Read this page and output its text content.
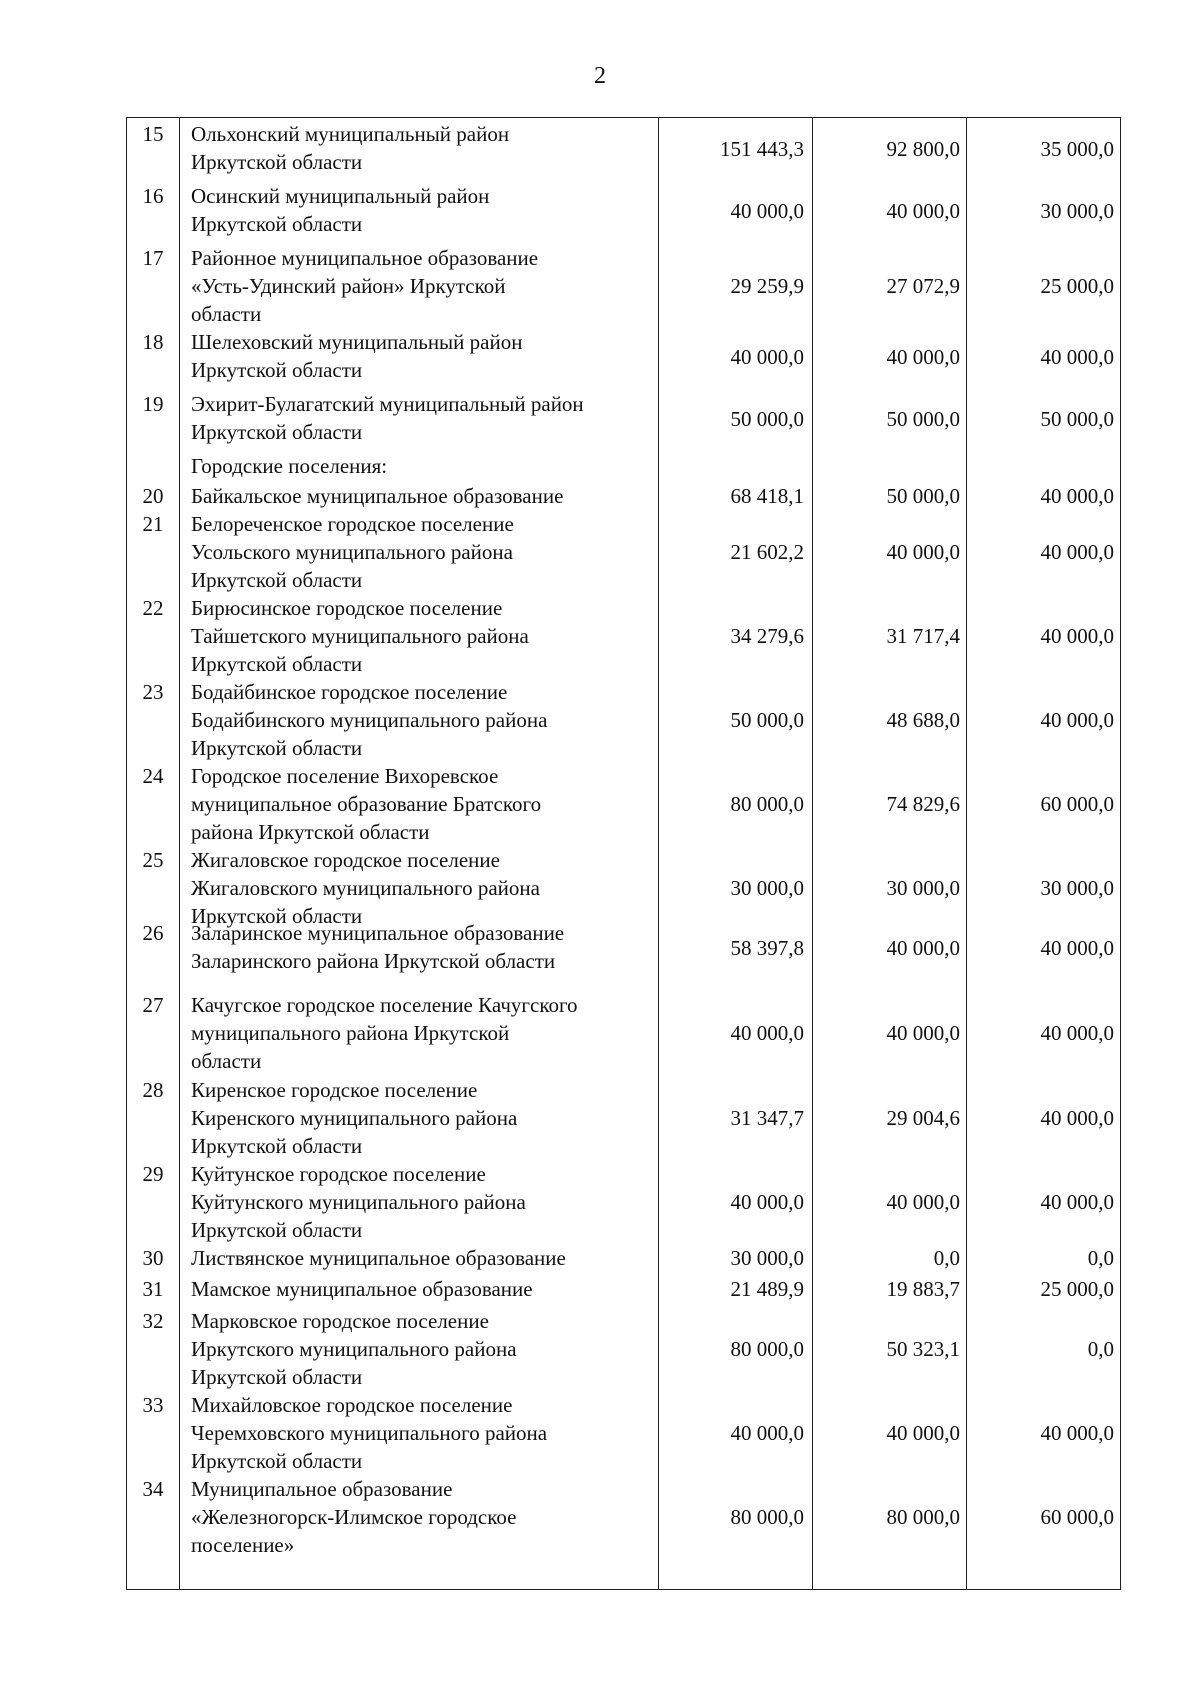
2
Городские поселения:
15	Ольхонский муниципальный район
Иркутской области
151 443,3	92 800,0	35 000,0
16	Осинский муниципальный район
Иркутской области
40 000,0	40 000,0	30 000,0
17	Районное муниципальное образование
«Усть-Удинский район» Иркутской
области
29 259,9	27 072,9	25 000,0
18	Шелеховский муниципальный район
Иркутской области
40 000,0	40 000,0	40 000,0
19	Эхирит-Булагатский муниципальный район
Иркутской области
50 000,0	50 000,0	50 000,0
20	Байкальское муниципальное образование	68 418,1	50 000,0	40 000,0
21	Белореченское городское поселение
Усольского муниципального района
Иркутской области
21 602,2	40 000,0	40 000,0
22	Бирюсинское городское поселение
Тайшетского муниципального района
Иркутской области
34 279,6	31 717,4	40 000,0
23	Бодайбинское городское поселение
Бодайбинского муниципального района
Иркутской области
50 000,0	48 688,0	40 000,0
24	Городское поселение Вихоревское
муниципальное образование Братского
района Иркутской области
80 000,0	74 829,6	60 000,0
25	Жигаловское городское поселение
Жигаловского муниципального района
Иркутской области
30 000,0	30 000,0	30 000,0
26	Заларинское муниципальное образование
Заларинского района Иркутской области
58 397,8	40 000,0	40 000,0
27	Качугское городское поселение Качугского
муниципального района Иркутской
области
40 000,0	40 000,0	40 000,0
28	Киренское городское поселение
Киренского муниципального района
Иркутской области
31 347,7	29 004,6	40 000,0
29	Куйтунское городское поселение
Куйтунского муниципального района
Иркутской области
40 000,0	40 000,0	40 000,0
30	Листвянское муниципальное образование	30 000,0	0,0	0,0
31	Мамское муниципальное образование	21 489,9	19 883,7	25 000,0
32	Марковское городское поселение
Иркутского муниципального района
Иркутской области
80 000,0	50 323,1	0,0
33	Михайловское городское поселение
Черемховского муниципального района
Иркутской области
40 000,0	40 000,0	40 000,0
34	Муниципальное образование
«Железногорск-Илимское городское
поселение»
80 000,0	80 000,0	60 000,0
